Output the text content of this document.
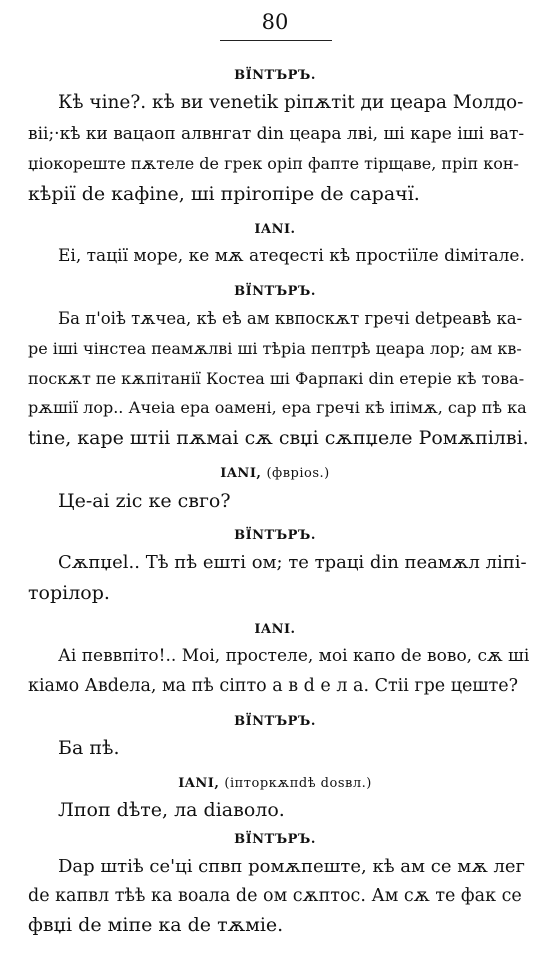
80
BÏNTЪPЪ.
Кѣ чine?. кѣ ви venetik piпѫтit ди цеара Молдо-
вii;·кѣ ки вацаоп алвнгат din цеара лві, ші каре ішi ват-
џiокореште пѫтеле de грек оріп фапте тірщаве, пріп кон-
кѣрії de кафіne, ші пріroпіре de сарачï.
IANI.
Еі, тації море, ке мѫ атеqестi кѣ простіїле dімітале.
BÏNTЪPЪ.
Ба п'оіѣ тѫчеа, кѣ еѣ ам квпоскѫт гречі detpeaвѣ ка-
ре ішi чінстеа пеамѫлві ші тѣрia пептрѣ цеара лор; ам кв-
поскѫт пе кѫпітанії Костеа ші Фарпакі din етеріе кѣ това-
рѫшії лор.. Ачеiа ера оаменi, ера гречі кѣ іпімѫ, сар пѣ ка
tine, каре штіi пѫмаі сѫ свџі сѫпџеле Ромѫпілві.
IANI, (фвріоs.)
Це-аі zic ке свго?
BÏNTЪPЪ.
Сѫпџеl.. Тѣ пѣ ешті ом; те трацi din пеамѫл ліпі-
торілор.
IANI.
Аі певвпіто!.. Моі, простеле, моі капо de вово, сѫ ші
кіамо Авdела, ма пѣ сіпто а в d е л а. Стіі гре цеште?
BÏNTЪPЪ.
Ба пѣ.
IANI, (іпторкѫпdѣ dоsвл.)
Лпоп dѣте, ла diаволо.
BÏNTЪPЪ.
Dар штіѣ се'ці спвп ромѫпеште, кѣ ам се мѫ лег
de капвл тѣѣ ка воала de ом сѫптос. Ам сѫ те фак се
фвџі de міпе ка de тѫміе.
